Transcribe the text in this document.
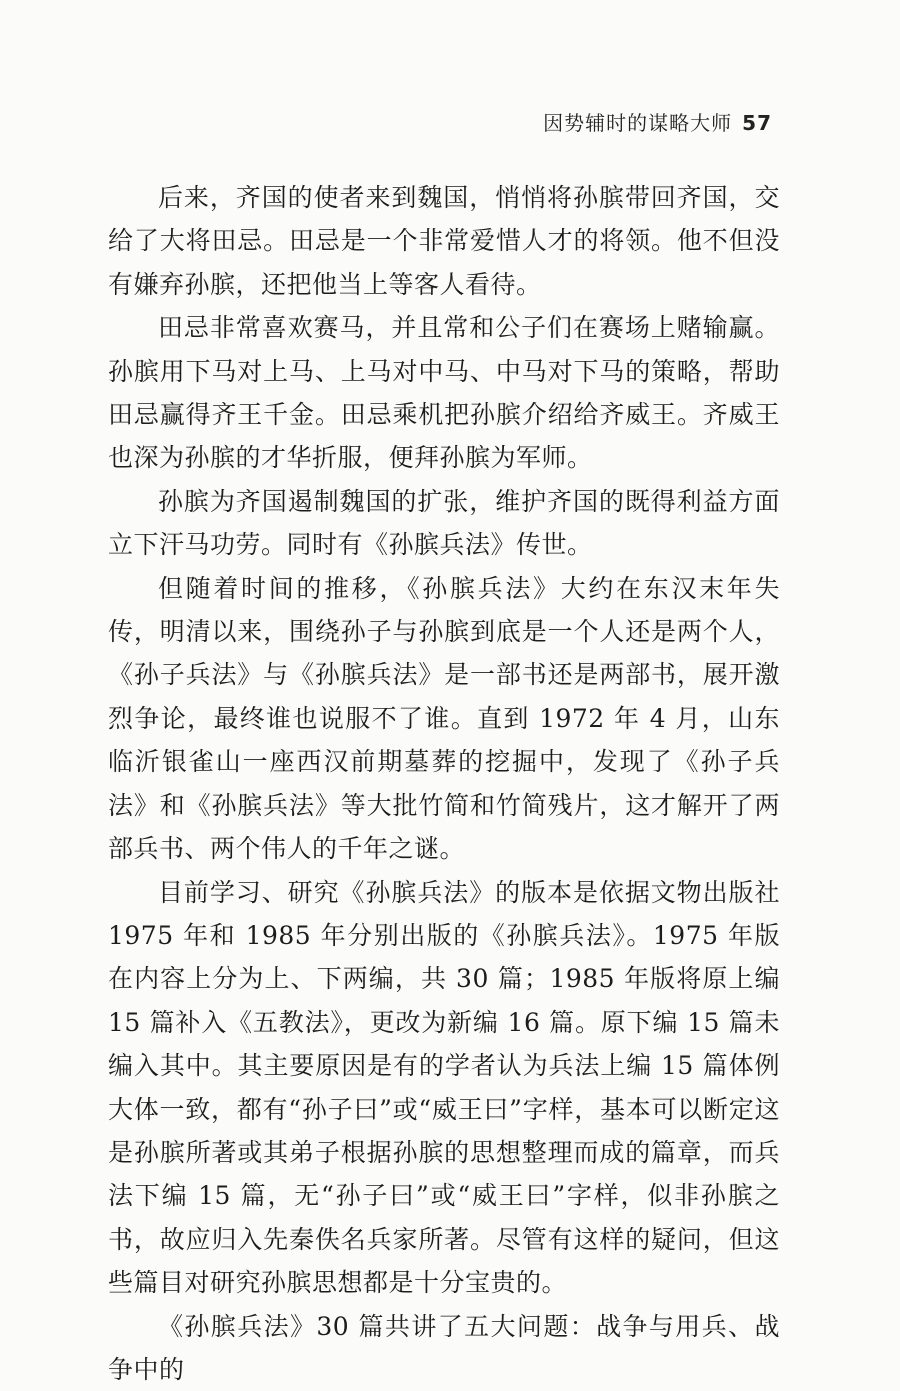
因势辅时的谋略大师 57

后来，齐国的使者来到魏国，悄悄将孙膑带回齐国，交给了大将田忌。田忌是一个非常爱惜人才的将领。他不但没有嫌弃孙膑，还把他当上等客人看待。

田忌非常喜欢赛马，并且常和公子们在赛场上赌输赢。孙膑用下马对上马、上马对中马、中马对下马的策略，帮助田忌赢得齐王千金。田忌乘机把孙膑介绍给齐威王。齐威王也深为孙膑的才华折服，便拜孙膑为军师。

孙膑为齐国遏制魏国的扩张，维护齐国的既得利益方面立下汗马功劳。同时有《孙膑兵法》传世。

但随着时间的推移，《孙膑兵法》大约在东汉末年失传，明清以来，围绕孙子与孙膑到底是一个人还是两个人，《孙子兵法》与《孙膑兵法》是一部书还是两部书，展开激烈争论，最终谁也说服不了谁。直到 1972 年 4 月，山东临沂银雀山一座西汉前期墓葬的挖掘中，发现了《孙子兵法》和《孙膑兵法》等大批竹简和竹简残片，这才解开了两部兵书、两个伟人的千年之谜。

目前学习、研究《孙膑兵法》的版本是依据文物出版社 1975 年和 1985 年分别出版的《孙膑兵法》。1975 年版在内容上分为上、下两编，共 30 篇；1985 年版将原上编 15 篇补入《五教法》，更改为新编 16 篇。原下编 15 篇未编入其中。其主要原因是有的学者认为兵法上编 15 篇体例大体一致，都有“孙子曰”或“威王曰”字样，基本可以断定这是孙膑所著或其弟子根据孙膑的思想整理而成的篇章，而兵法下编 15 篇，无“孙子曰”或“威王曰”字样，似非孙膑之书，故应归入先秦佚名兵家所著。尽管有这样的疑问，但这些篇目对研究孙膑思想都是十分宝贵的。

《孙膑兵法》30 篇共讲了五大问题：战争与用兵、战争中的
